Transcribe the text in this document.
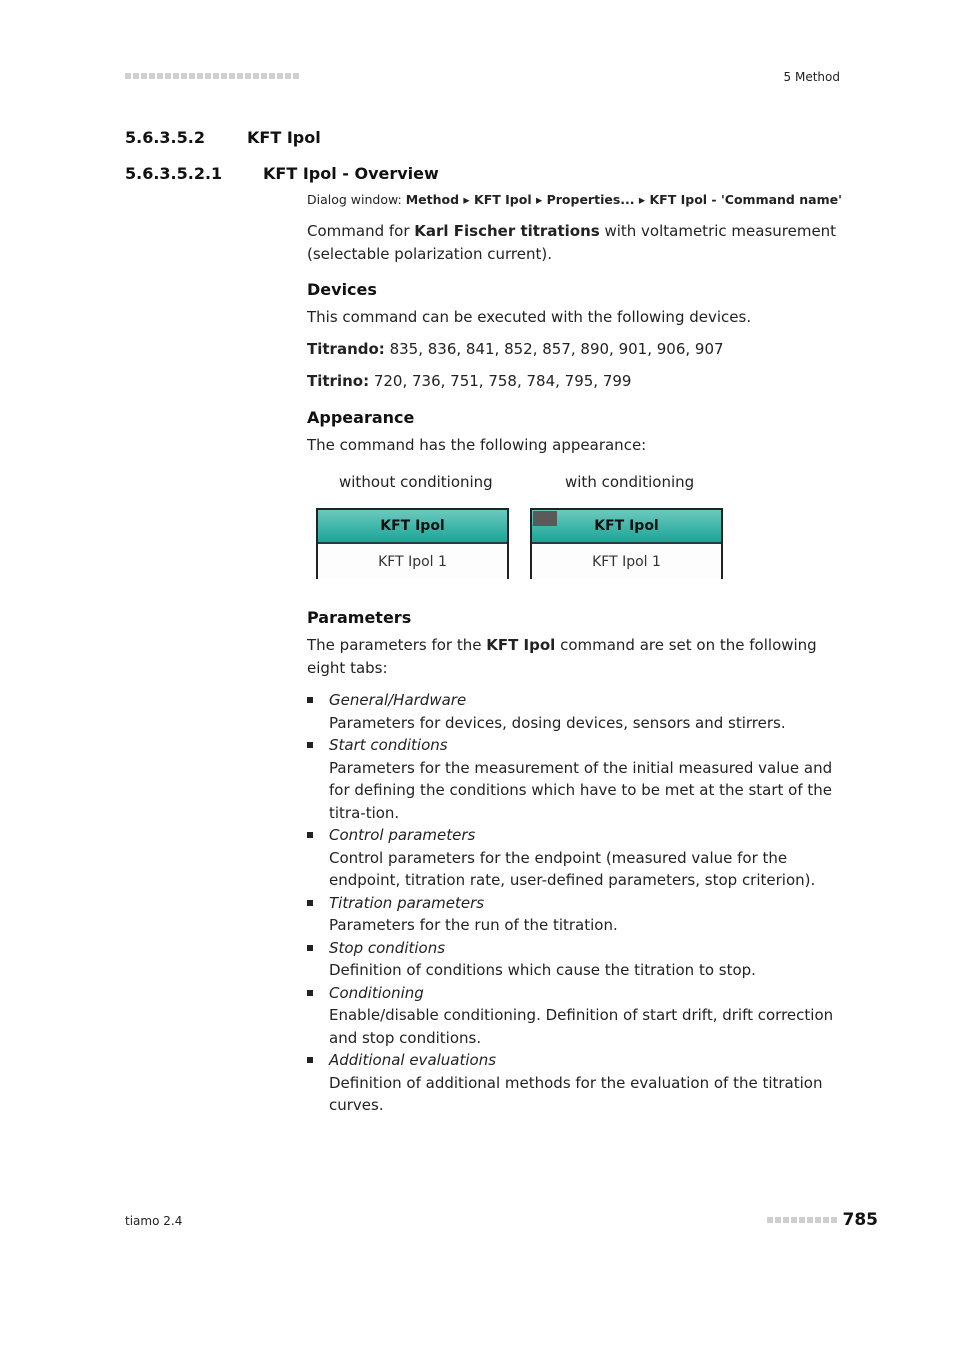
5 Method
5.6.3.5.2	KFT Ipol
5.6.3.5.2.1	KFT Ipol - Overview
Dialog window: Method ▸ KFT Ipol ▸ Properties... ▸ KFT Ipol - 'Command name'

Command for Karl Fischer titrations with voltametric measurement (selectable polarization current).

Devices
This command can be executed with the following devices.
Titrando: 835, 836, 841, 852, 857, 890, 901, 906, 907
Titrino: 720, 736, 751, 758, 784, 795, 799
Appearance
The command has the following appearance:
without conditioning	with conditioning
KFT Ipol
KFT Ipol 1
KFT Ipol
KFT Ipol 1
Parameters

The parameters for the KFT Ipol command are set on the following eight tabs:

General/Hardware
Parameters for devices, dosing devices, sensors and stirrers.
Start conditions
Parameters for the measurement of the initial measured value and for defining the conditions which have to be met at the start of the titra-tion.
Control parameters
Control parameters for the endpoint (measured value for the endpoint, titration rate, user-defined parameters, stop criterion).
Titration parameters
Parameters for the run of the titration.
Stop conditions
Definition of conditions which cause the titration to stop.
Conditioning
Enable/disable conditioning. Definition of start drift, drift correction and stop conditions.
Additional evaluations
Definition of additional methods for the evaluation of the titration curves.
tiamo 2.4	785
